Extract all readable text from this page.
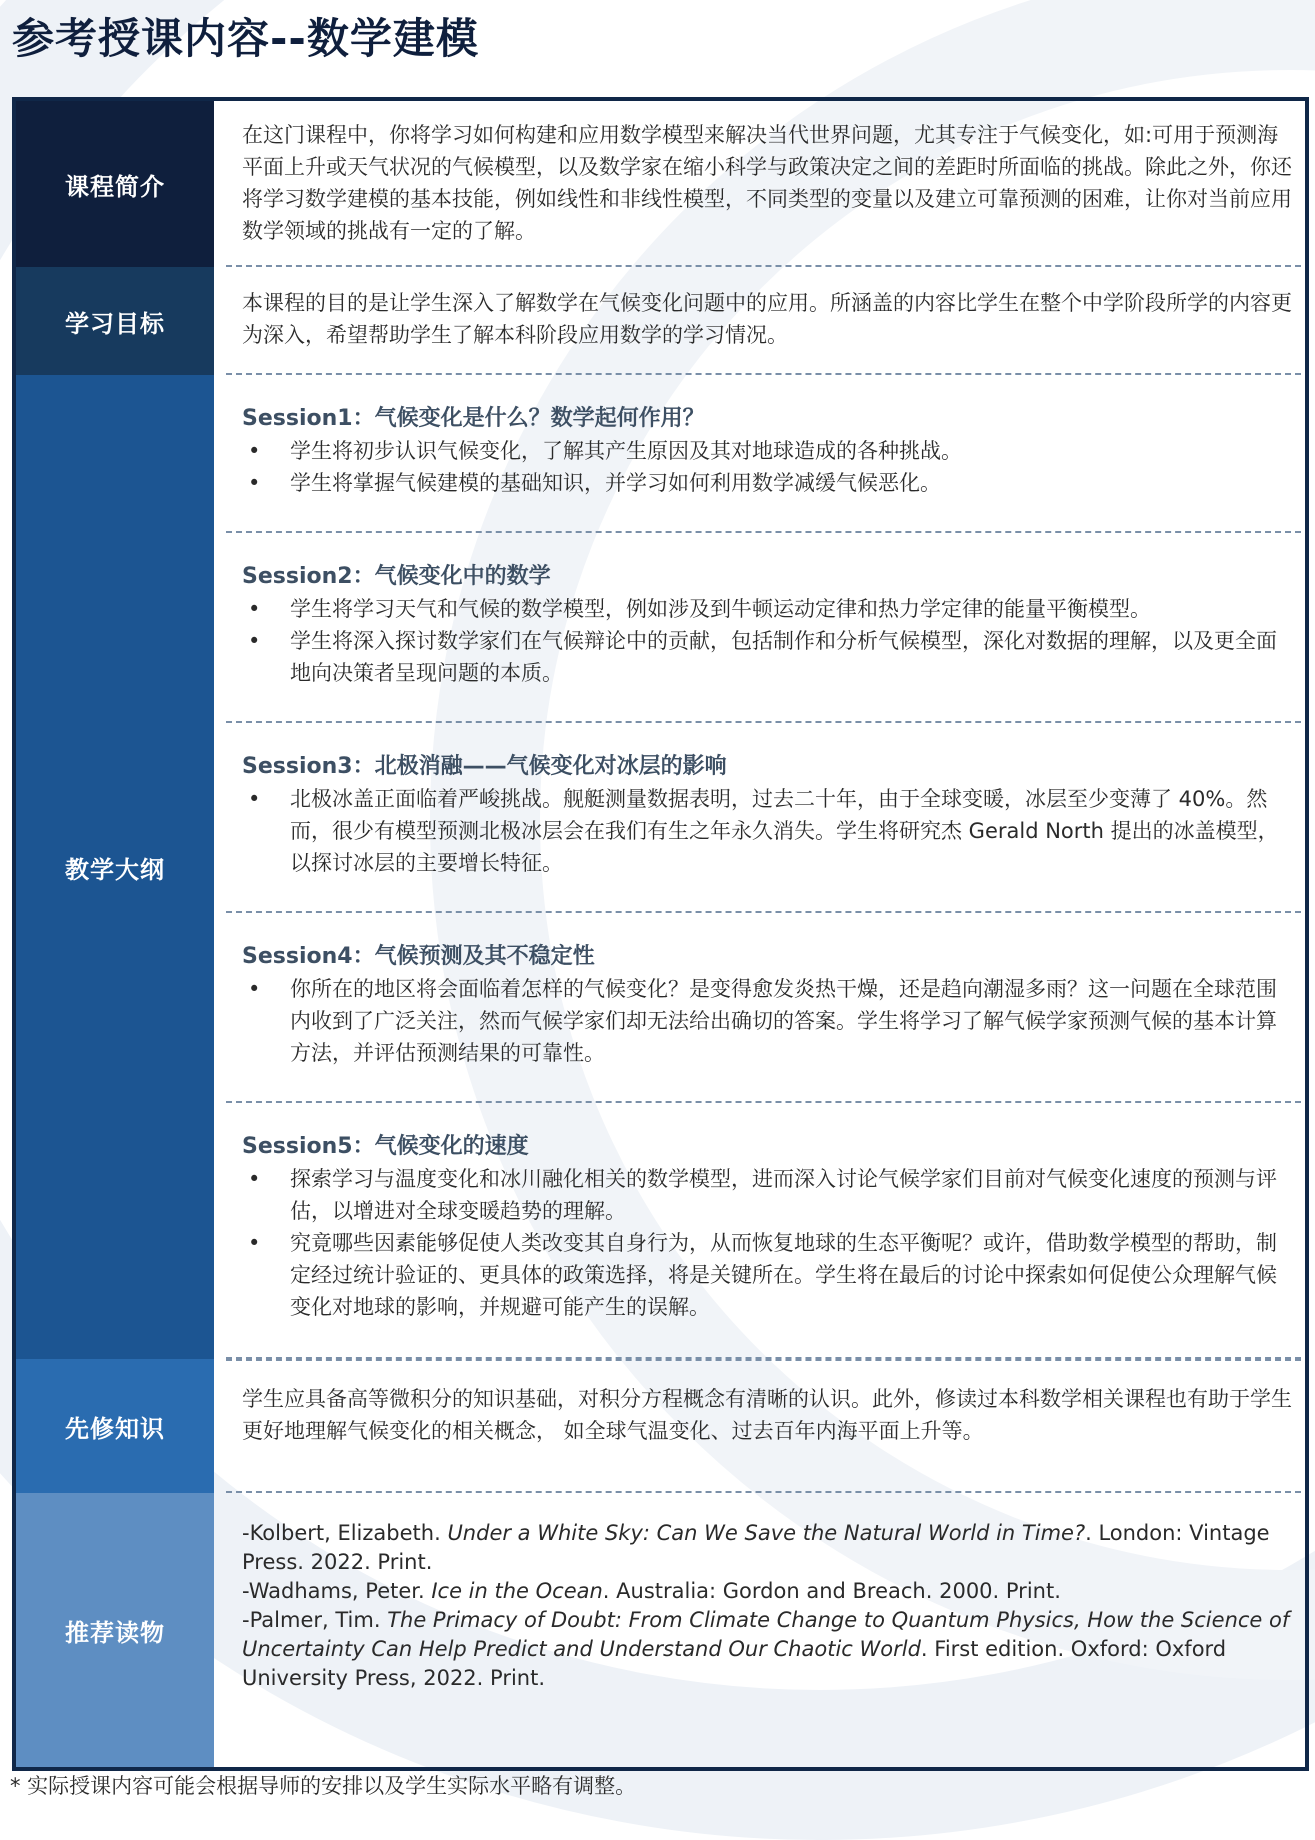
参考授课内容--数学建模
课程简介
学习目标
教学大纲
先修知识
推荐读物
在这门课程中，你将学习如何构建和应用数学模型来解决当代世界问题，尤其专注于气候变化，如:可用于预测海平面上升或天气状况的气候模型，以及数学家在缩小科学与政策决定之间的差距时所面临的挑战。除此之外，你还将学习数学建模的基本技能，例如线性和非线性模型，不同类型的变量以及建立可靠预测的困难，让你对当前应用数学领域的挑战有一定的了解。
本课程的目的是让学生深入了解数学在气候变化问题中的应用。所涵盖的内容比学生在整个中学阶段所学的内容更为深入，希望帮助学生了解本科阶段应用数学的学习情况。
Session1：气候变化是什么？数学起何作用？
• 学生将初步认识气候变化，了解其产生原因及其对地球造成的各种挑战。
• 学生将掌握气候建模的基础知识，并学习如何利用数学减缓气候恶化。
Session2：气候变化中的数学
• 学生将学习天气和气候的数学模型，例如涉及到牛顿运动定律和热力学定律的能量平衡模型。
• 学生将深入探讨数学家们在气候辩论中的贡献，包括制作和分析气候模型，深化对数据的理解，以及更全面地向决策者呈现问题的本质。
Session3：北极消融——气候变化对冰层的影响
• 北极冰盖正面临着严峻挑战。舰艇测量数据表明，过去二十年，由于全球变暖，冰层至少变薄了 40%。然而，很少有模型预测北极冰层会在我们有生之年永久消失。学生将研究杰 Gerald North 提出的冰盖模型，以探讨冰层的主要增长特征。
Session4：气候预测及其不稳定性
• 你所在的地区将会面临着怎样的气候变化？是变得愈发炎热干燥，还是趋向潮湿多雨？这一问题在全球范围内收到了广泛关注，然而气候学家们却无法给出确切的答案。学生将学习了解气候学家预测气候的基本计算方法，并评估预测结果的可靠性。
Session5：气候变化的速度
• 探索学习与温度变化和冰川融化相关的数学模型，进而深入讨论气候学家们目前对气候变化速度的预测与评估，以增进对全球变暖趋势的理解。
• 究竟哪些因素能够促使人类改变其自身行为，从而恢复地球的生态平衡呢？或许，借助数学模型的帮助，制定经过统计验证的、更具体的政策选择，将是关键所在。学生将在最后的讨论中探索如何促使公众理解气候变化对地球的影响，并规避可能产生的误解。
学生应具备高等微积分的知识基础，对积分方程概念有清晰的认识。此外，修读过本科数学相关课程也有助于学生更好地理解气候变化的相关概念， 如全球气温变化、过去百年内海平面上升等。
-Kolbert, Elizabeth. Under a White Sky: Can We Save the Natural World in Time?. London: Vintage Press. 2022. Print.
-Wadhams, Peter. Ice in the Ocean. Australia: Gordon and Breach. 2000. Print.
-Palmer, Tim. The Primacy of Doubt: From Climate Change to Quantum Physics, How the Science of Uncertainty Can Help Predict and Understand Our Chaotic World. First edition. Oxford: Oxford University Press, 2022. Print.
* 实际授课内容可能会根据导师的安排以及学生实际水平略有调整。
